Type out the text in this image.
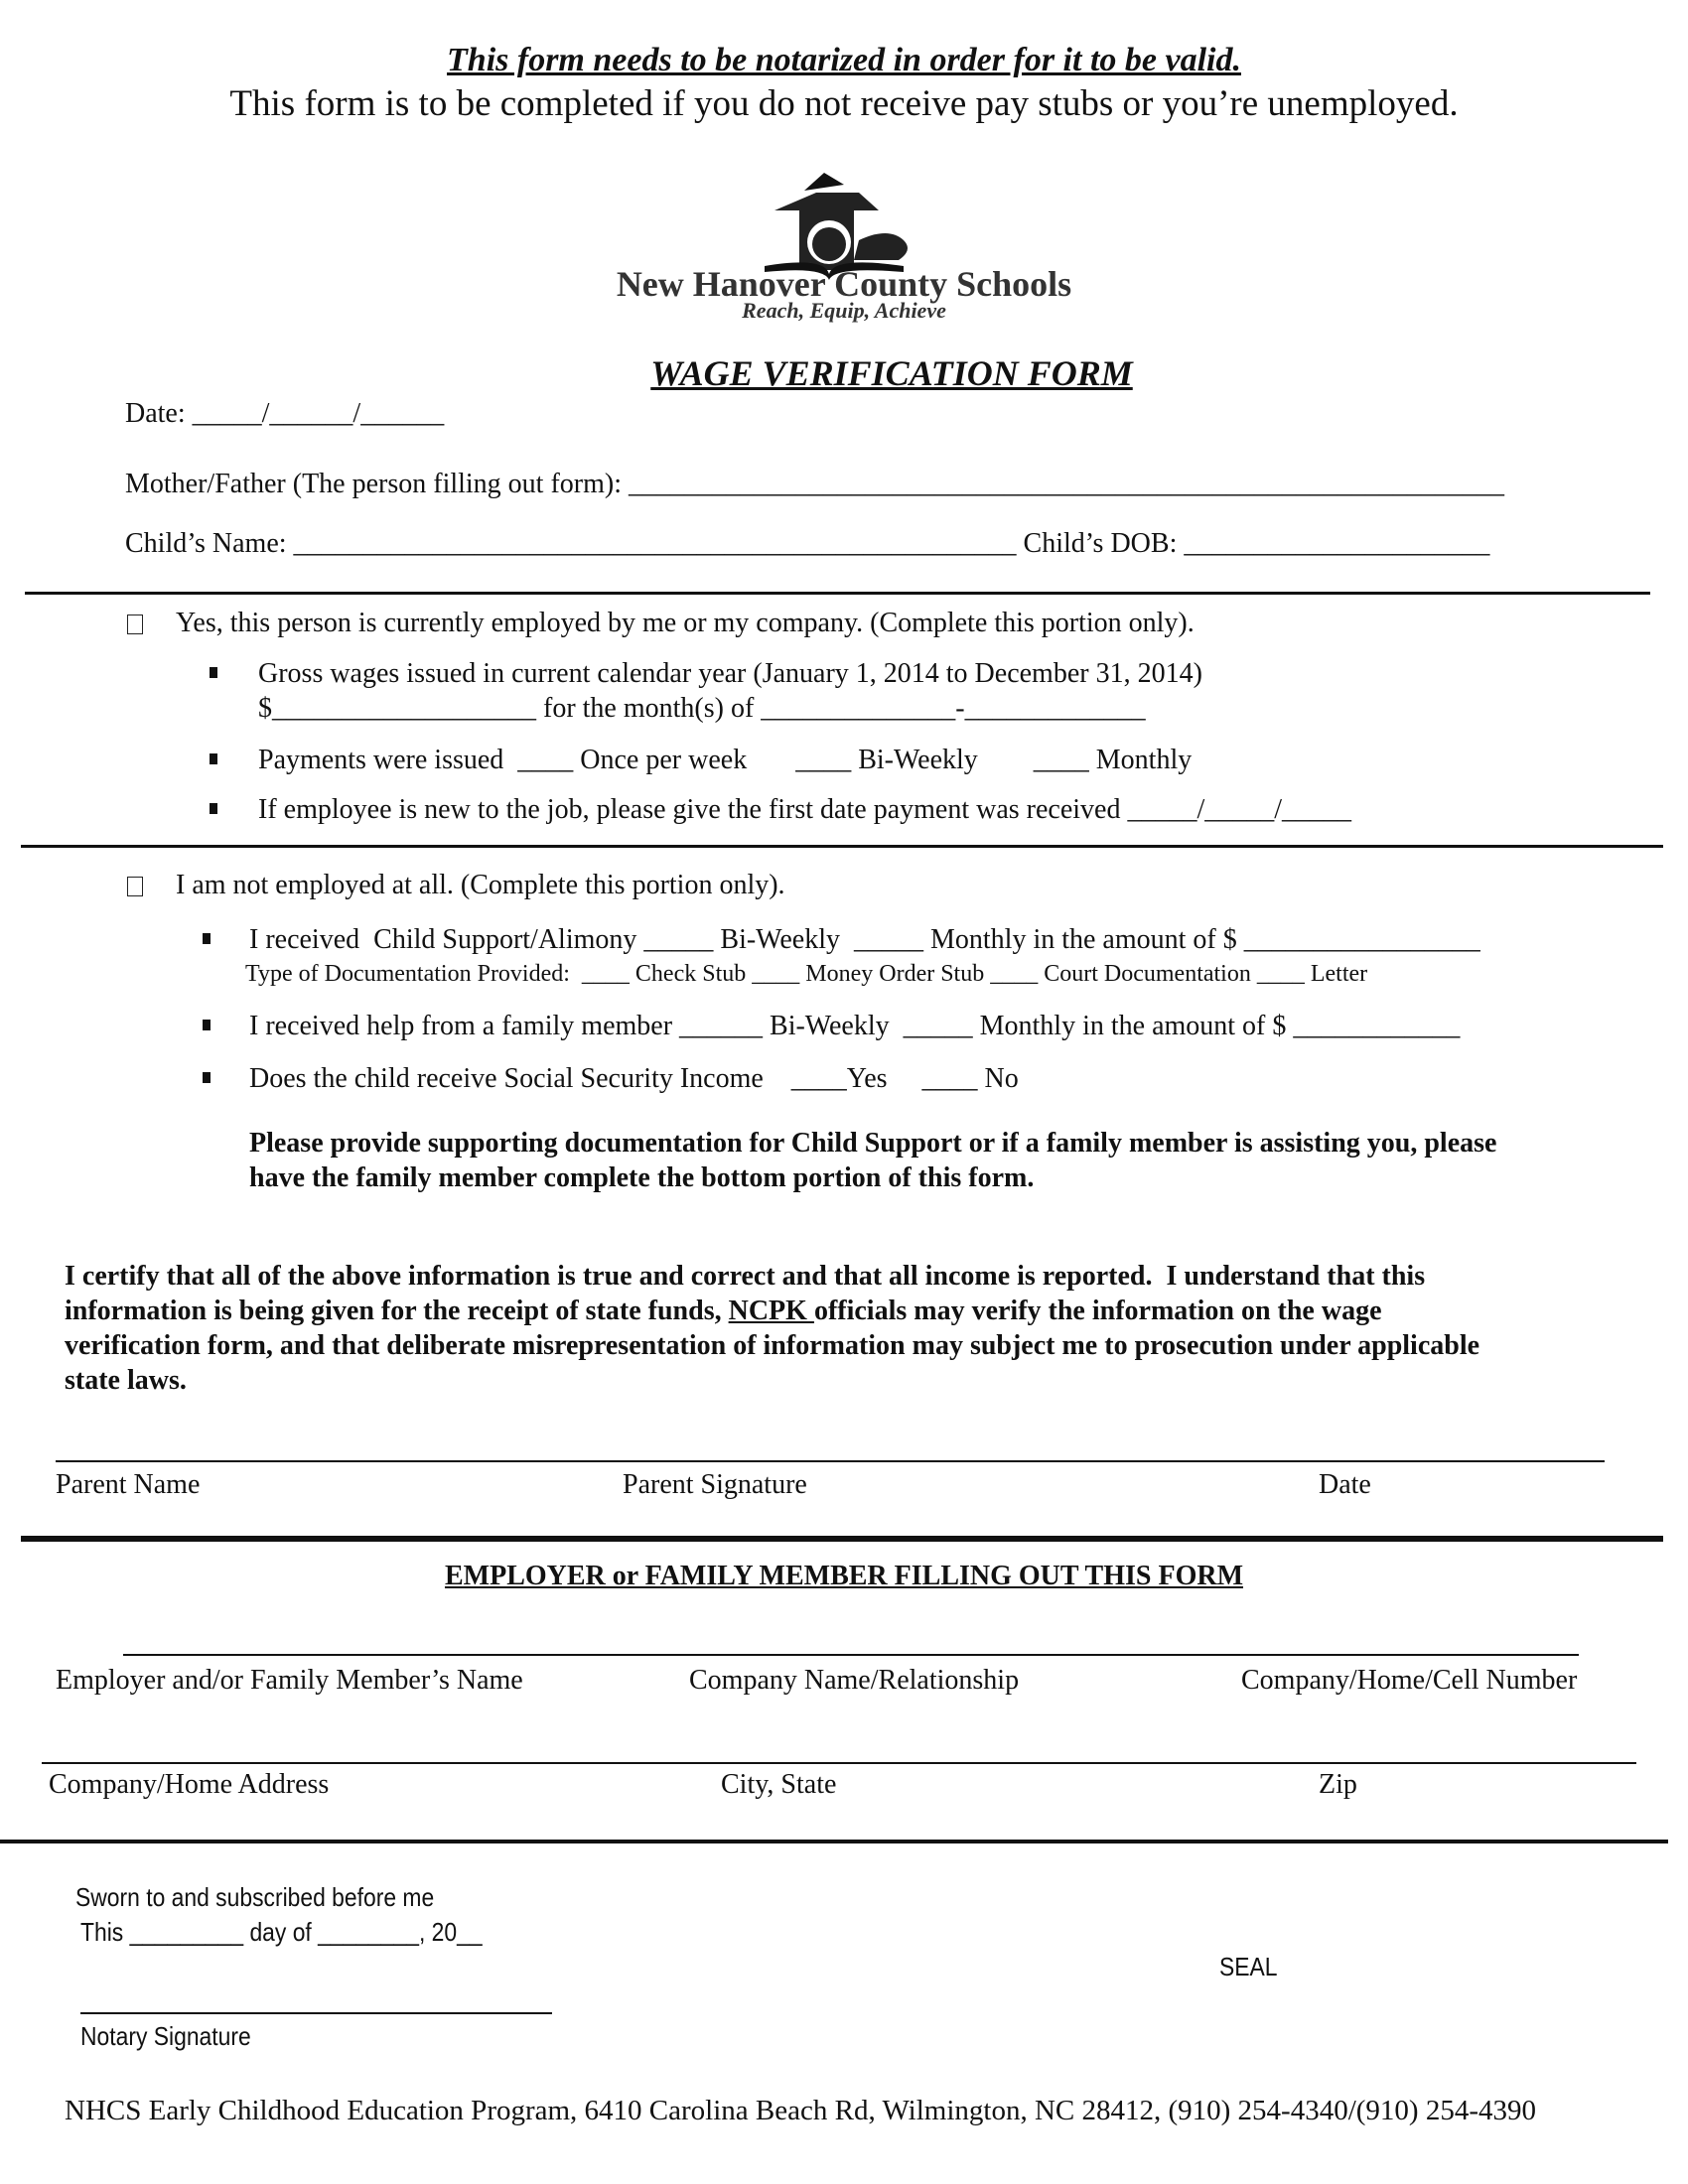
This form needs to be notarized in order for it to be valid.
This form is to be completed if you do not receive pay stubs or you’re unemployed.
New Hanover County Schools
Reach, Equip, Achieve
WAGE VERIFICATION FORM
Date: _____/______/______
Mother/Father (The person filling out form): _______________________________________________________________
Child’s Name: ____________________________________________________ Child’s DOB: ______________________
Yes, this person is currently employed by me or my company. (Complete this portion only).
Gross wages issued in current calendar year (January 1, 2014 to December 31, 2014)
$___________________ for the month(s) of ______________-_____________
Payments were issued  ____ Once per week       ____ Bi-Weekly        ____ Monthly
If employee is new to the job, please give the first date payment was received _____/_____/_____
I am not employed at all. (Complete this portion only).
I received  Child Support/Alimony _____ Bi-Weekly  _____ Monthly in the amount of $ _________________
Type of Documentation Provided:  ____ Check Stub ____ Money Order Stub ____ Court Documentation ____ Letter
I received help from a family member ______ Bi-Weekly  _____ Monthly in the amount of $ ____________
Does the child receive Social Security Income    ____Yes     ____ No
Please provide supporting documentation for Child Support or if a family member is assisting you, please
have the family member complete the bottom portion of this form.
I certify that all of the above information is true and correct and that all income is reported.  I understand that this
information is being given for the receipt of state funds, NCPK officials may verify the information on the wage
verification form, and that deliberate misrepresentation of information may subject me to prosecution under applicable
state laws.
Parent Name	Parent Signature	Date
EMPLOYER or FAMILY MEMBER FILLING OUT THIS FORM
Employer and/or Family Member’s Name	Company Name/Relationship	Company/Home/Cell Number
Company/Home Address	City, State	Zip
Sworn to and subscribed before me
This _________ day of ________, 20__
SEAL
Notary Signature
NHCS Early Childhood Education Program, 6410 Carolina Beach Rd, Wilmington, NC 28412, (910) 254-4340/(910) 254-4390
